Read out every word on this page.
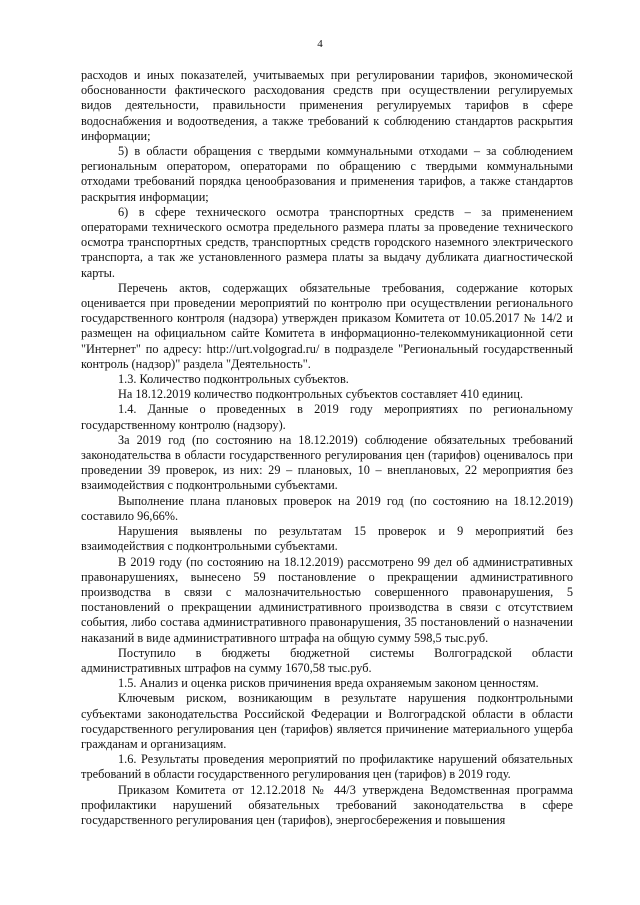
4

расходов и иных показателей, учитываемых при регулировании тарифов, экономической обоснованности фактического расходования средств при осуществлении регулируемых видов деятельности, правильности применения регулируемых тарифов в сфере водоснабжения и водоотведения, а также требований к соблюдению стандартов раскрытия информации;

5) в области обращения с твердыми коммунальными отходами – за соблюдением региональным оператором, операторами по обращению с твердыми коммунальными отходами требований порядка ценообразования и применения тарифов, а также стандартов раскрытия информации;

6) в сфере технического осмотра транспортных средств – за применением операторами технического осмотра предельного размера платы за проведение технического осмотра транспортных средств, транспортных средств городского наземного электрического транспорта, а так же установленного размера платы за выдачу дубликата диагностической карты.

Перечень актов, содержащих обязательные требования, содержание которых оценивается при проведении мероприятий по контролю при осуществлении регионального государственного контроля (надзора) утвержден приказом Комитета от 10.05.2017 № 14/2 и размещен на официальном сайте Комитета в информационно-телекоммуникационной сети "Интернет" по адресу: http://urt.volgograd.ru/ в подразделе "Региональный государственный контроль (надзор)" раздела "Деятельность".

1.3. Количество подконтрольных субъектов.

На 18.12.2019 количество подконтрольных субъектов составляет 410 единиц.

1.4. Данные о проведенных в 2019 году мероприятиях по региональному государственному контролю (надзору).

За 2019 год (по состоянию на 18.12.2019) соблюдение обязательных требований законодательства в области государственного регулирования цен (тарифов) оценивалось при проведении 39 проверок, из них: 29 – плановых, 10 – внеплановых, 22 мероприятия без взаимодействия с подконтрольными субъектами.

Выполнение плана плановых проверок на 2019 год (по состоянию на 18.12.2019) составило 96,66%.

Нарушения выявлены по результатам 15 проверок и 9 мероприятий без взаимодействия с подконтрольными субъектами.

В 2019 году (по состоянию на 18.12.2019) рассмотрено 99 дел об административных правонарушениях, вынесено 59 постановление о прекращении административного производства в связи с малозначительностью совершенного правонарушения, 5 постановлений о прекращении административного производства в связи с отсутствием события, либо состава административного правонарушения, 35 постановлений о назначении наказаний в виде административного штрафа на общую сумму 598,5 тыс.руб.

Поступило в бюджеты бюджетной системы Волгоградской области административных штрафов на сумму 1670,58 тыс.руб.

1.5. Анализ и оценка рисков причинения вреда охраняемым законом ценностям.

Ключевым риском, возникающим в результате нарушения подконтрольными субъектами законодательства Российской Федерации и Волгоградской области в области государственного регулирования цен (тарифов) является причинение материального ущерба гражданам и организациям.

1.6. Результаты проведения мероприятий по профилактике нарушений обязательных требований в области государственного регулирования цен (тарифов) в 2019 году.

Приказом Комитета от 12.12.2018 № 44/3 утверждена Ведомственная программа профилактики нарушений обязательных требований законодательства в сфере государственного регулирования цен (тарифов), энергосбережения и повышения
